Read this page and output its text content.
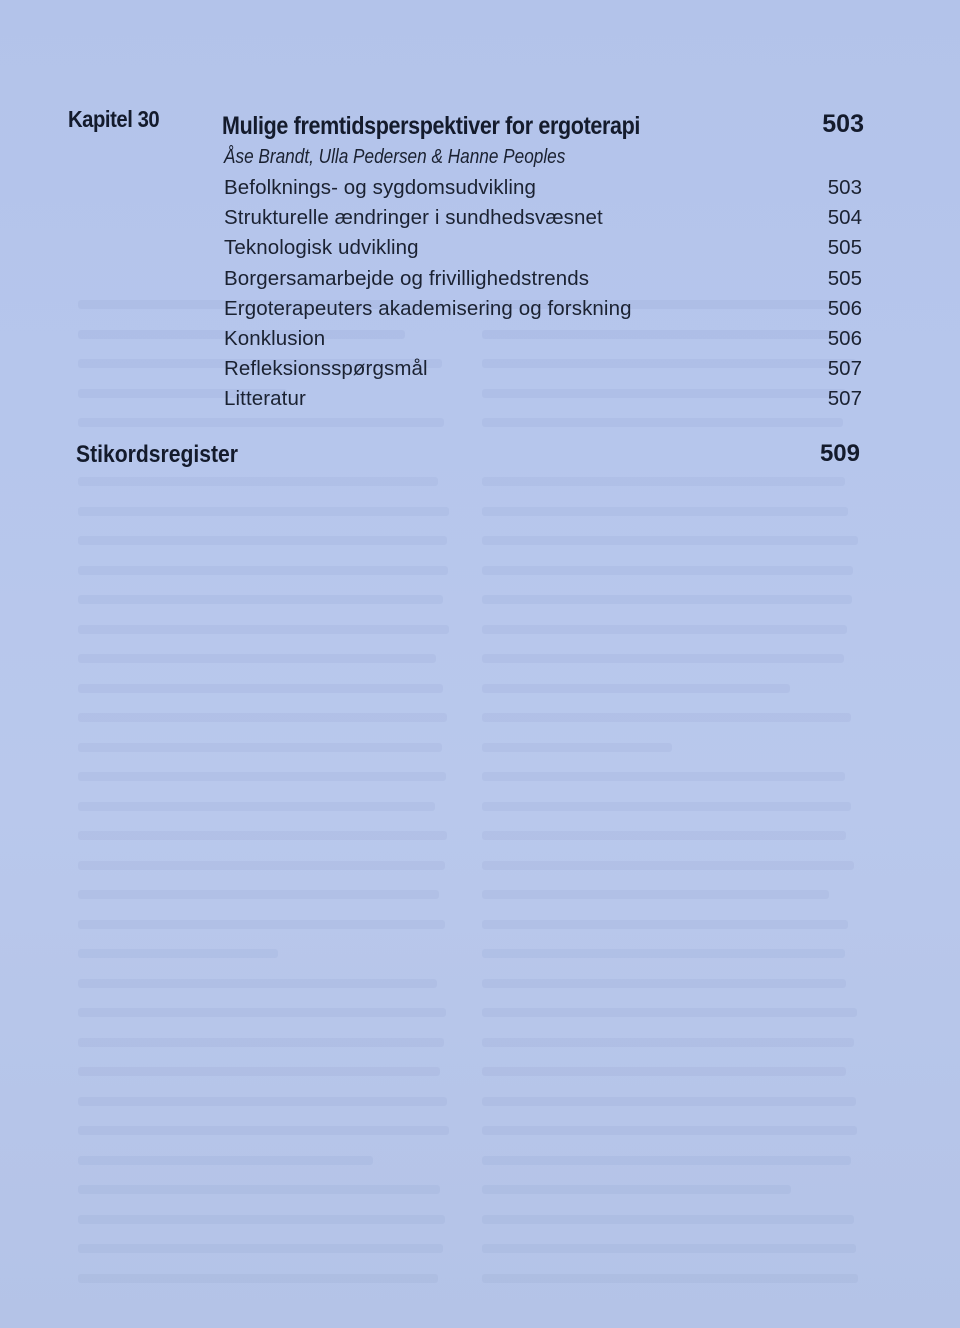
Kapitel 30	Mulige fremtidsperspektiver for ergoterapi	503
Åse Brandt, Ulla Pedersen & Hanne Peoples
Befolknings- og sygdomsudvikling	503
Strukturelle ændringer i sundhedsvæsnet	504
Teknologisk udvikling	505
Borgersamarbejde og frivillighedstrends	505
Ergoterapeuters akademisering og forskning	506
Konklusion	506
Refleksionsspørgsmål	507
Litteratur	507
Stikordsregister	509
